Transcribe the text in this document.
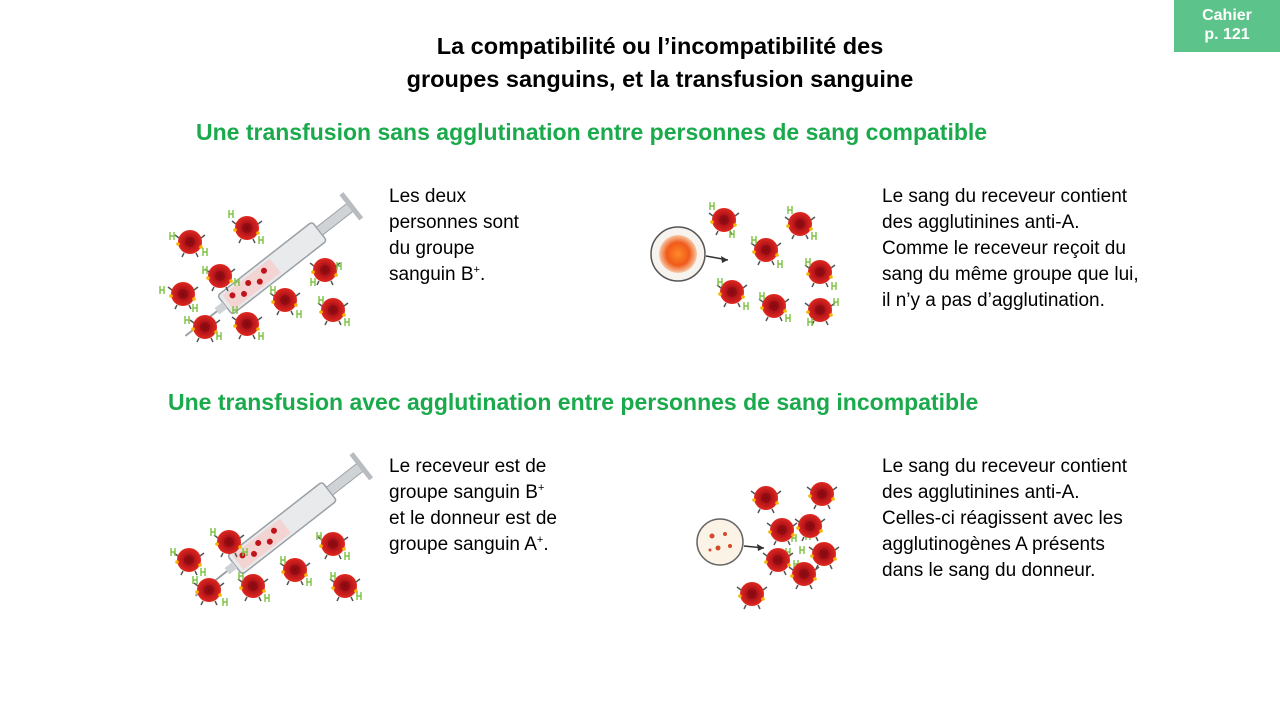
Cahier
p. 121
La compatibilité ou l’incompatibilité des
groupes sanguins, et la transfusion sanguine
Une transfusion sans agglutination entre personnes de sang compatible
Les deux
personnes sont
du groupe
sanguin B+.
Le sang du receveur contient
des agglutinines anti-A.
Comme le receveur reçoit du
sang du même groupe que lui,
il n’y a pas d’agglutination.
Une transfusion avec agglutination entre personnes de sang incompatible
Le receveur est de
groupe sanguin B+
et le donneur est de
groupe sanguin A+.
Le sang du receveur contient
des agglutinines anti-A.
Celles-ci réagissent avec les
agglutinogènes A présents
dans le sang du donneur.
